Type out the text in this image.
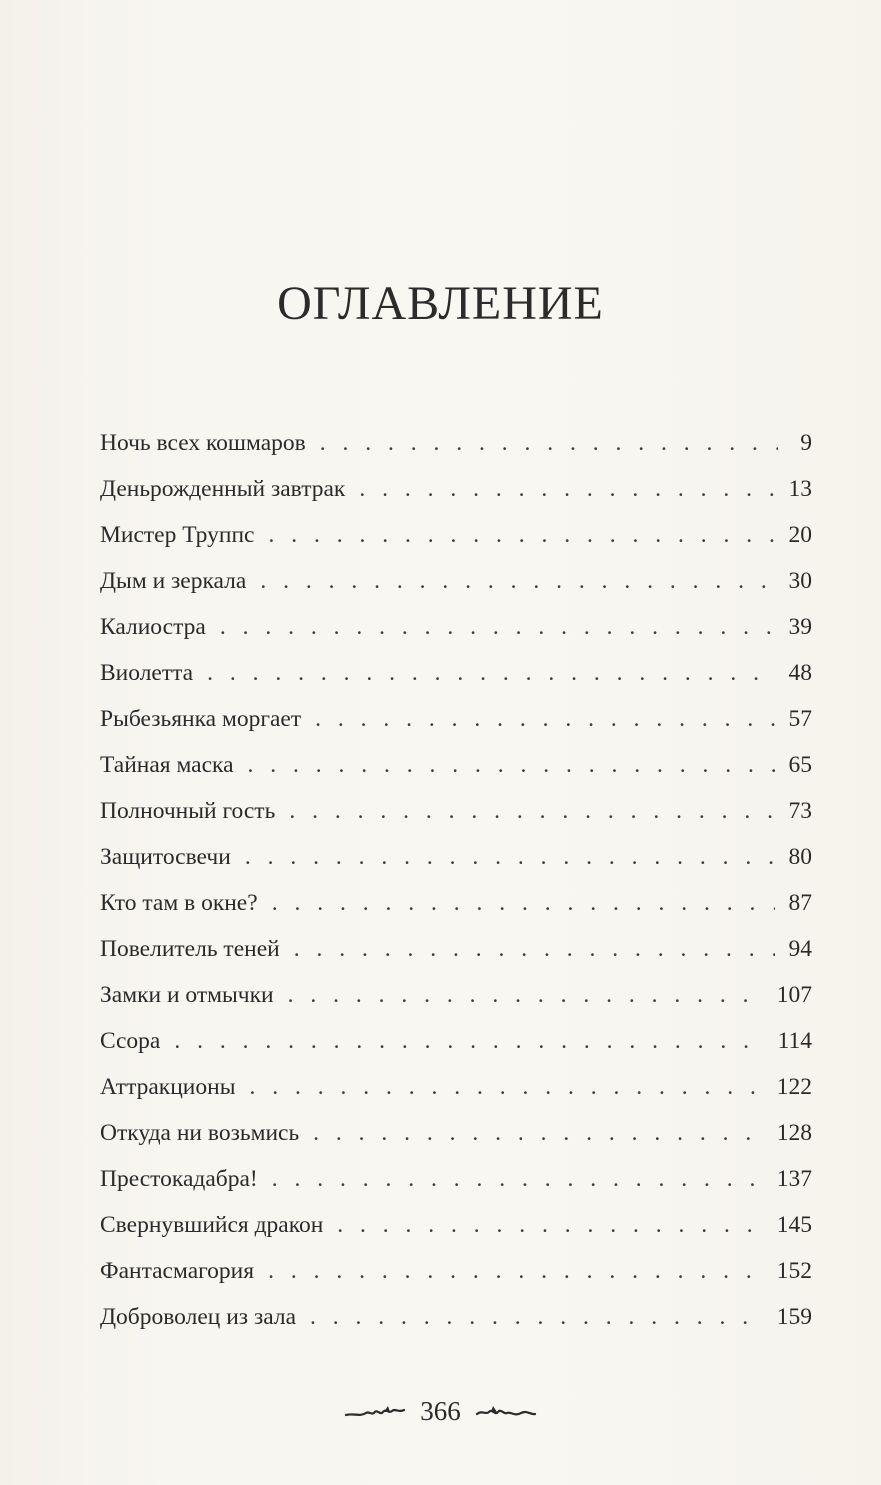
ОГЛАВЛЕНИЕ
Ночь всех кошмаров . . .	9
Деньрожденный завтрак . . .	13
Мистер Труппс . . .	20
Дым и зеркала . . .	30
Калиостра . . .	39
Виолетта . . .	48
Рыбезьянка моргает . . .	57
Тайная маска . . .	65
Полночный гость . . .	73
Защитосвечи . . .	80
Кто там в окне? . . .	87
Повелитель теней . . .	94
Замки и отмычки . . .	107
Ссора . . .	114
Аттракционы . . .	122
Откуда ни возьмись . . .	128
Престокадабра! . . .	137
Свернувшийся дракон . . .	145
Фантасмагория . . .	152
Доброволец из зала . . .	159
366
